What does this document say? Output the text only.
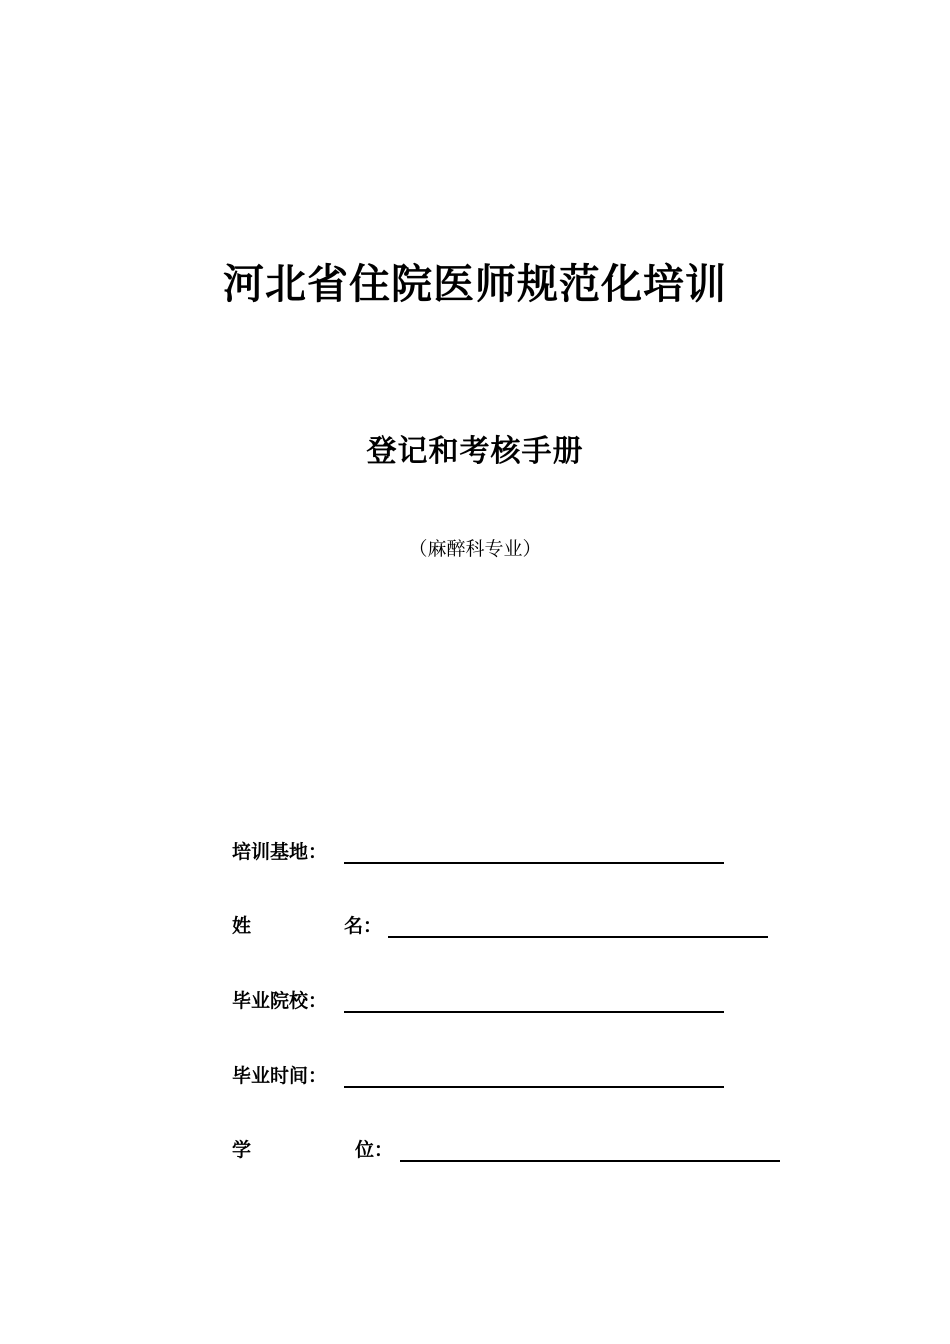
河北省住院医师规范化培训
登记和考核手册
（麻醉科专业）
培训基地：
姓	名：
毕业院校：
毕业时间：
学	位：
